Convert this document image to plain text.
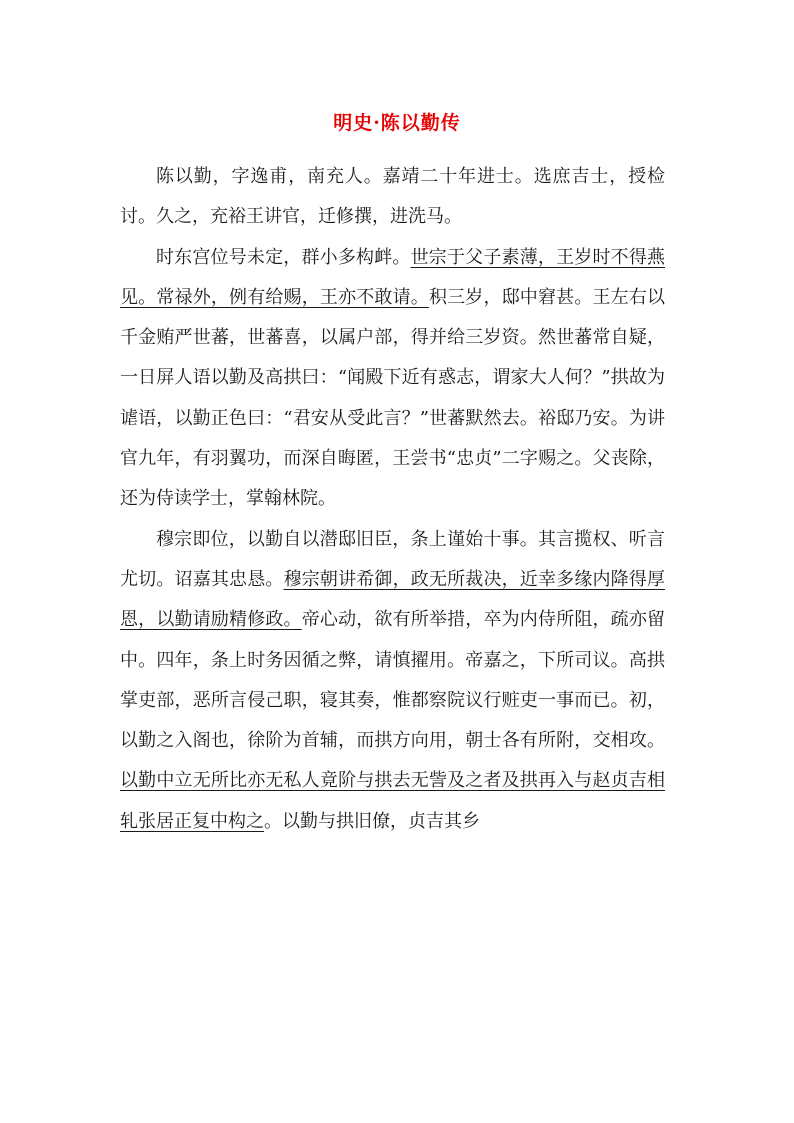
明史·陈以勤传

陈以勤，字逸甫，南充人。嘉靖二十年进士。选庶吉士，授检讨。久之，充裕王讲官，迁修撰，进洗马。

时东宫位号未定，群小多构衅。世宗于父子素薄，王岁时不得燕见。常禄外，例有给赐，王亦不敢请。积三岁，邸中窘甚。王左右以千金贿严世蕃，世蕃喜，以属户部，得并给三岁资。然世蕃常自疑，一日屏人语以勤及高拱曰：“闻殿下近有惑志，谓家大人何？”拱故为谑语，以勤正色曰：“君安从受此言？”世蕃默然去。裕邸乃安。为讲官九年，有羽翼功，而深自晦匿，王尝书“忠贞”二字赐之。父丧除，还为侍读学士，掌翰林院。

穆宗即位，以勤自以潜邸旧臣，条上谨始十事。其言揽权、听言尤切。诏嘉其忠恳。穆宗朝讲希御，政无所裁决，近幸多缘内降得厚恩，以勤请励精修政。帝心动，欲有所举措，卒为内侍所阻，疏亦留中。四年，条上时务因循之弊，请慎擢用。帝嘉之，下所司议。高拱掌吏部，恶所言侵己职，寝其奏，惟都察院议行赃吏一事而已。初，以勤之入阁也，徐阶为首辅，而拱方向用，朝士各有所附，交相攻。以勤中立无所比亦无私人竟阶与拱去无訾及之者及拱再入与赵贞吉相轧张居正复中构之。以勤与拱旧僚，贞吉其乡
